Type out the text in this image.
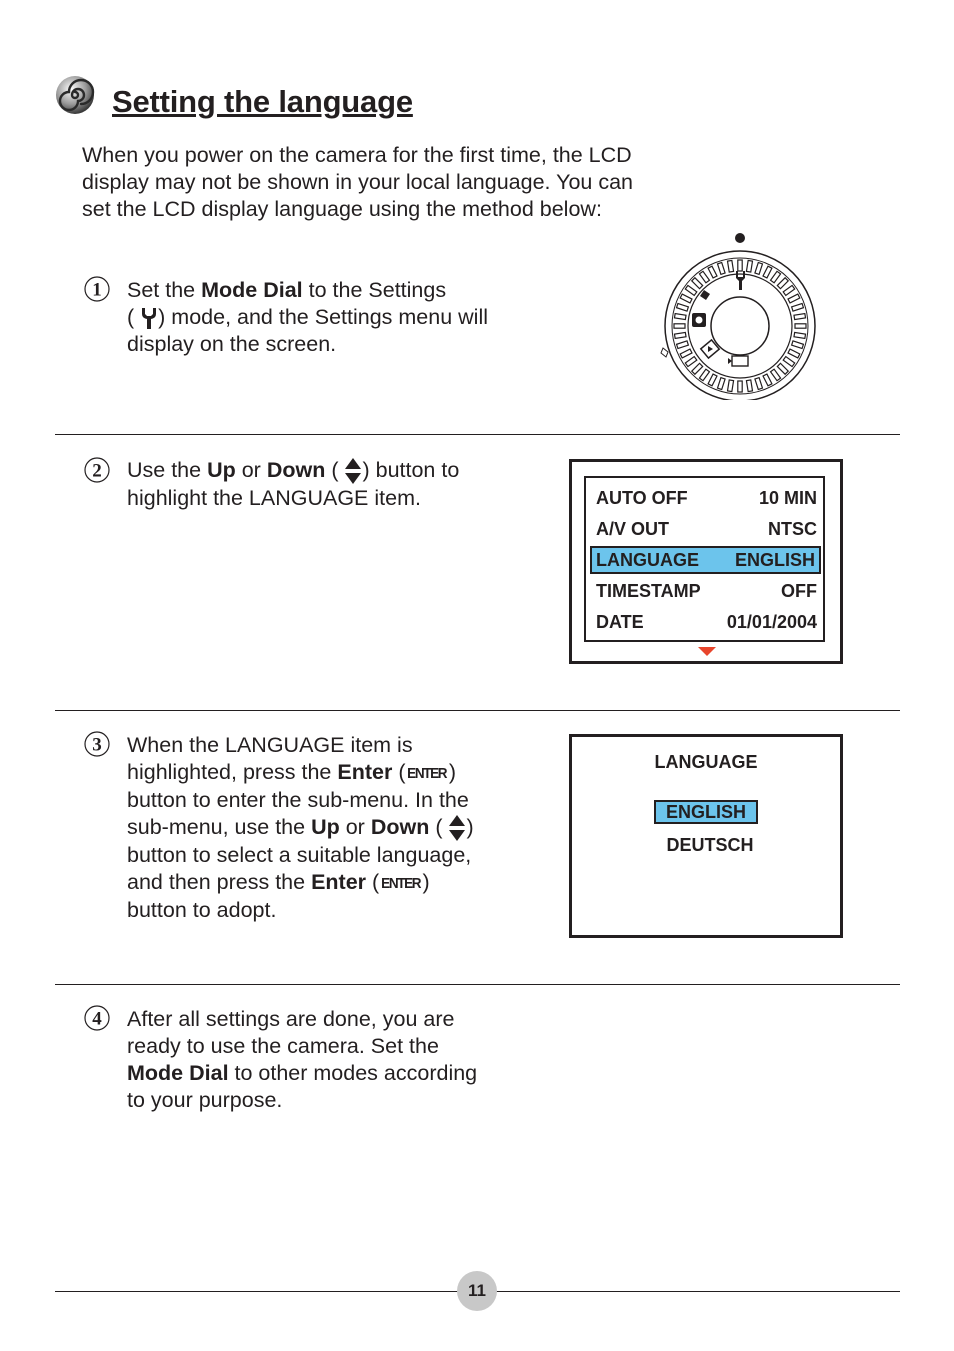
Setting the language
When you power on the camera for the first time, the LCD
display may not be shown in your local language. You can
set the LCD display language using the method below:
1 Set the Mode Dial to the Settings
( ) mode, and the Settings menu will
display on the screen.
2 Use the Up or Down ( ) button to
highlight the LANGUAGE item.	AUTO OFF	10 MIN
A/V OUT	NTSC
LANGUAGE ENGLISH
TIMESTAMP	OFF
DATE	01/01/2004
3 When the LANGUAGE item is
highlighted, press the Enter ( ENTER )
button to enter the sub-menu. In the
sub-menu, use the Up or Down ( )
button to select a suitable language,
and then press the Enter ( ENTER )
button to adopt.
LANGUAGE
ENGLISH
DEUTSCH
4 After all settings are done, you are
ready to use the camera. Set the
Mode Dial to other modes according
to your purpose.
11
